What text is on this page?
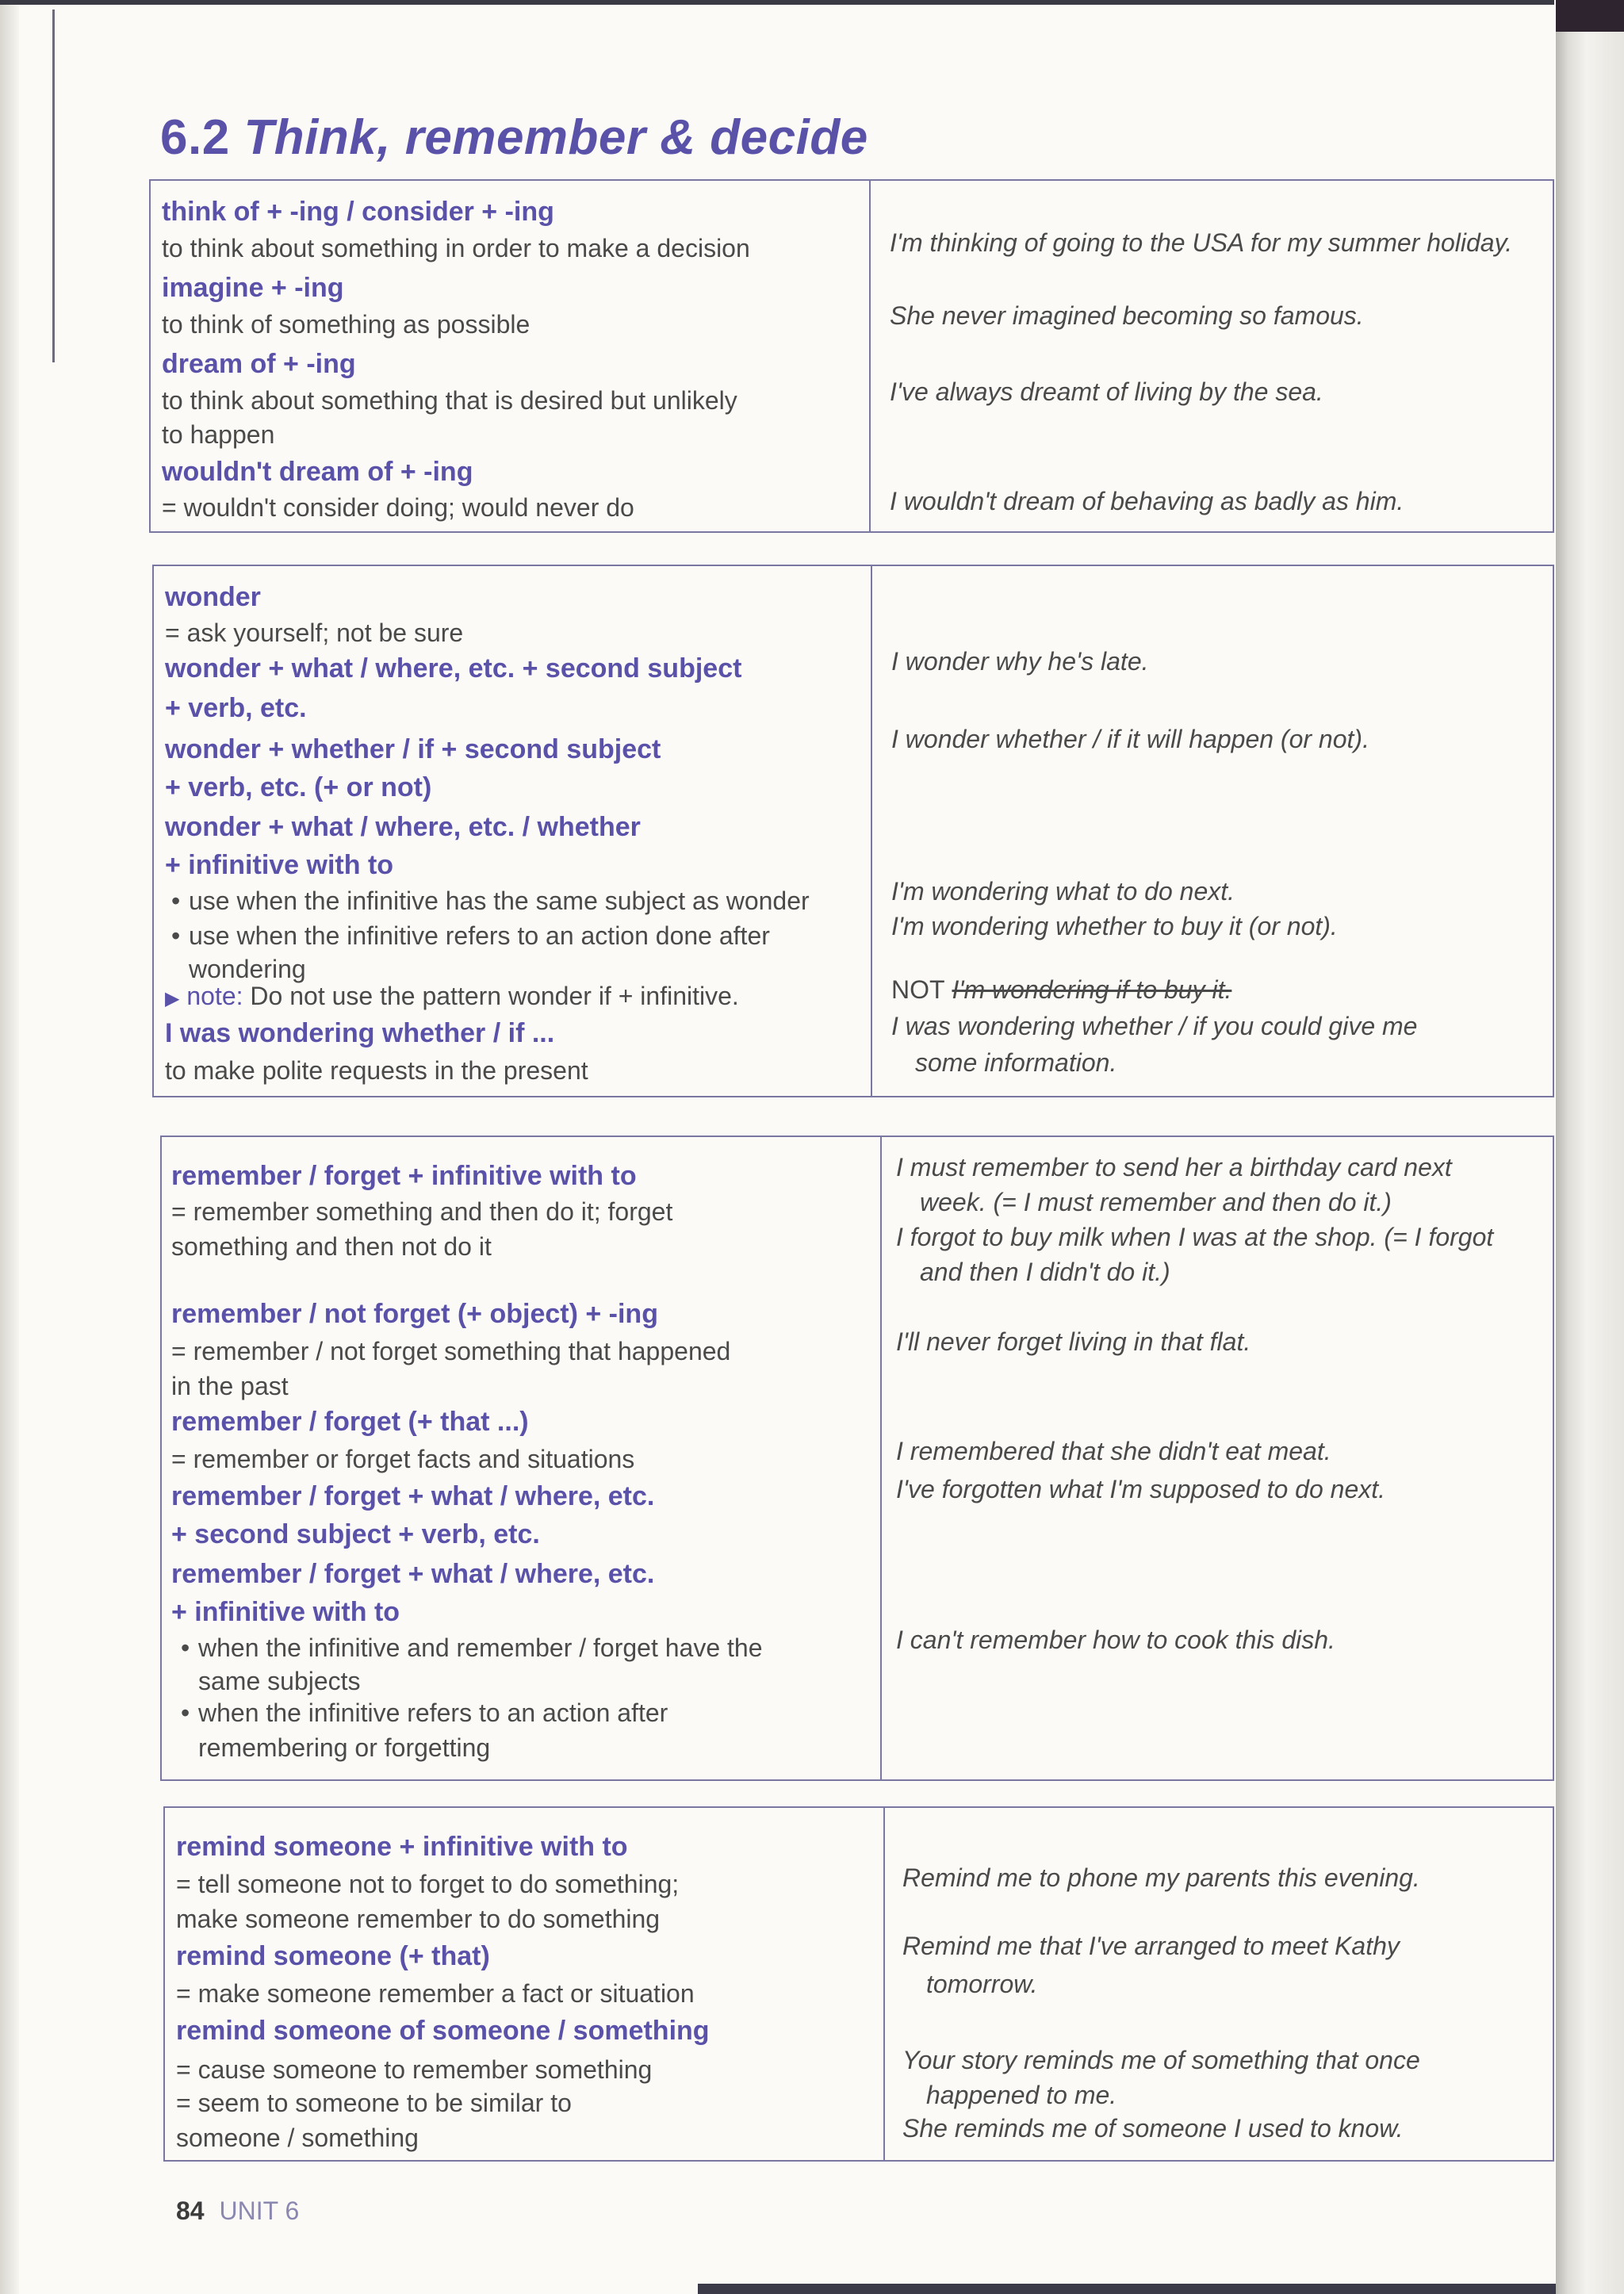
6.2 Think, remember & decide
think of + -ing / consider + -ing
to think about something in order to make a decision
imagine + -ing
to think of something as possible
dream of + -ing
to think about something that is desired but unlikely
to happen
wouldn't dream of + -ing
= wouldn't consider doing; would never do
I'm thinking of going to the USA for my summer holiday.
She never imagined becoming so famous.
I've always dreamt of living by the sea.
I wouldn't dream of behaving as badly as him.
wonder
= ask yourself; not be sure
wonder + what / where, etc. + second subject
+ verb, etc.
wonder + whether / if + second subject
+ verb, etc. (+ or not)
wonder + what / where, etc. / whether
+ infinitive with to
• use when the infinitive has the same subject as wonder
• use when the infinitive refers to an action done after
wondering
▶ note: Do not use the pattern wonder if + infinitive.
I was wondering whether / if ...
to make polite requests in the present
I wonder why he's late.
I wonder whether / if it will happen (or not).
I'm wondering what to do next.
I'm wondering whether to buy it (or not).
NOT I'm wondering if to buy it.
I was wondering whether / if you could give me
some information.
remember / forget + infinitive with to
= remember something and then do it; forget
something and then not do it
remember / not forget (+ object) + -ing
= remember / not forget something that happened
in the past
remember / forget (+ that ...)
= remember or forget facts and situations
remember / forget + what / where, etc.
+ second subject + verb, etc.
remember / forget + what / where, etc.
+ infinitive with to
• when the infinitive and remember / forget have the
same subjects
• when the infinitive refers to an action after
remembering or forgetting
I must remember to send her a birthday card next
week. (= I must remember and then do it.)
I forgot to buy milk when I was at the shop. (= I forgot
and then I didn't do it.)
I'll never forget living in that flat.
I remembered that she didn't eat meat.
I've forgotten what I'm supposed to do next.
I can't remember how to cook this dish.
remind someone + infinitive with to
= tell someone not to forget to do something;
make someone remember to do something
remind someone (+ that)
= make someone remember a fact or situation
remind someone of someone / something
= cause someone to remember something
= seem to someone to be similar to
someone / something
Remind me to phone my parents this evening.
Remind me that I've arranged to meet Kathy
tomorrow.
Your story reminds me of something that once
happened to me.
She reminds me of someone I used to know.
84 UNIT 6
